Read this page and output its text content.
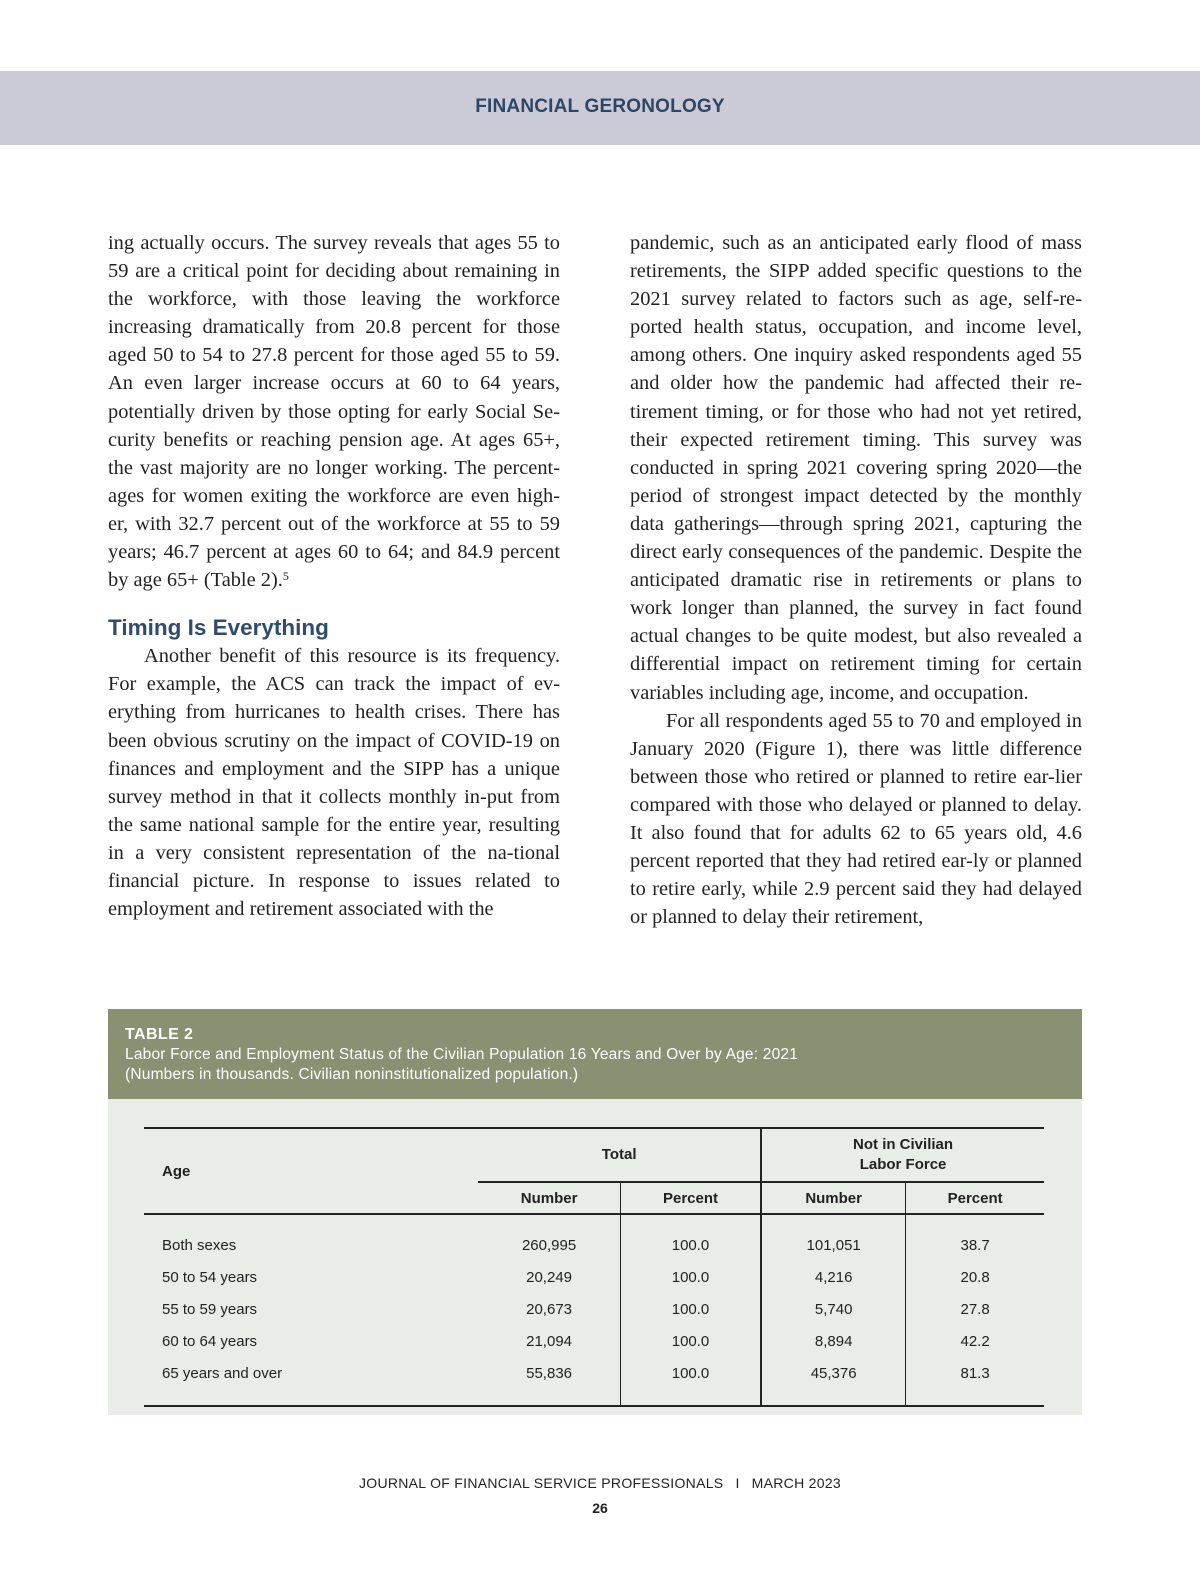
FINANCIAL GERONOLOGY

ing actually occurs. The survey reveals that ages 55 to 59 are a critical point for deciding about remaining in the workforce, with those leaving the workforce increasing dramatically from 20.8 percent for those aged 50 to 54 to 27.8 percent for those aged 55 to 59. An even larger increase occurs at 60 to 64 years, potentially driven by those opting for early Social Se-curity benefits or reaching pension age. At ages 65+, the vast majority are no longer working. The percent-ages for women exiting the workforce are even high-er, with 32.7 percent out of the workforce at 55 to 59 years; 46.7 percent at ages 60 to 64; and 84.9 percent by age 65+ (Table 2).$^5$

Timing Is Everything

Another benefit of this resource is its frequency. For example, the ACS can track the impact of ev-erything from hurricanes to health crises. There has been obvious scrutiny on the impact of COVID-19 on finances and employment and the SIPP has a unique survey method in that it collects monthly in-put from the same national sample for the entire year, resulting in a very consistent representation of the na-tional financial picture. In response to issues related to employment and retirement associated with the

pandemic, such as an anticipated early flood of mass retirements, the SIPP added specific questions to the 2021 survey related to factors such as age, self-re-ported health status, occupation, and income level, among others. One inquiry asked respondents aged 55 and older how the pandemic had affected their re-tirement timing, or for those who had not yet retired, their expected retirement timing. This survey was conducted in spring 2021 covering spring 2020—the period of strongest impact detected by the monthly data gatherings—through spring 2021, capturing the direct early consequences of the pandemic. Despite the anticipated dramatic rise in retirements or plans to work longer than planned, the survey in fact found actual changes to be quite modest, but also revealed a differential impact on retirement timing for certain variables including age, income, and occupation.

For all respondents aged 55 to 70 and employed in January 2020 (Figure 1), there was little difference between those who retired or planned to retire ear-lier compared with those who delayed or planned to delay. It also found that for adults 62 to 65 years old, 4.6 percent reported that they had retired ear-ly or planned to retire early, while 2.9 percent said they had delayed or planned to delay their retirement,

TABLE 2
Labor Force and Employment Status of the Civilian Population 16 Years and Over by Age: 2021
(Numbers in thousands. Civilian noninstitutionalized population.)
Age	Total		Not in Civilian
Labor Force	
	Number	Percent	Number	Percent

Both sexes	260,995	100.0	101,051	38.7
50 to 54 years	20,249	100.0	4,216	20.8
55 to 59 years	20,673	100.0	5,740	27.8
60 to 64 years	21,094	100.0	8,894	42.2
65 years and over	55,836	100.0	45,376	81.3

JOURNAL OF FINANCIAL SERVICE PROFESSIONALS I MARCH 2023
26
